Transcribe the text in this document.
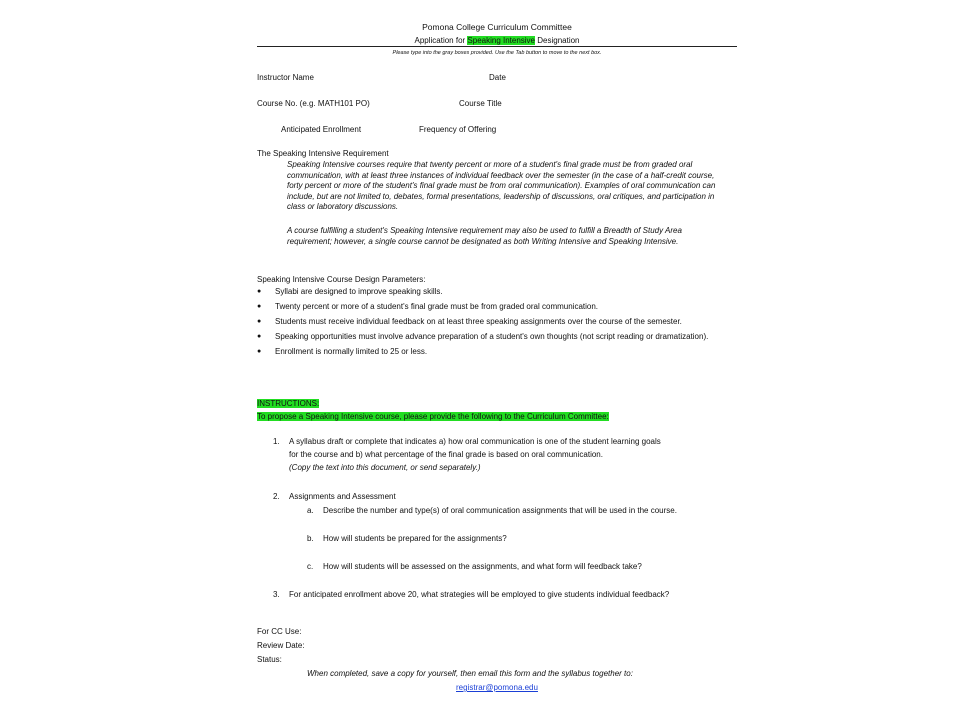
Pomona College Curriculum Committee
Application for Speaking Intensive Designation
Please type into the gray boxes provided. Use the Tab button to move to the next box.
Instructor Name	Date
Course No. (e.g. MATH101 PO)	Course Title
Anticipated Enrollment	Frequency of Offering
The Speaking Intensive Requirement
Speaking Intensive courses require that twenty percent or more of a student's final grade must be from graded oral communication, with at least three instances of individual feedback over the semester (in the case of a half-credit course, forty percent or more of the student's final grade must be from oral communication). Examples of oral communication can include, but are not limited to, debates, formal presentations, leadership of discussions, oral critiques, and participation in class or laboratory discussions.
A course fulfilling a student's Speaking Intensive requirement may also be used to fulfill a Breadth of Study Area requirement; however, a single course cannot be designated as both Writing Intensive and Speaking Intensive.
Speaking Intensive Course Design Parameters:
● Syllabi are designed to improve speaking skills.
● Twenty percent or more of a student's final grade must be from graded oral communication.
● Students must receive individual feedback on at least three speaking assignments over the course of the semester.
● Speaking opportunities must involve advance preparation of a student's own thoughts (not script reading or dramatization).
● Enrollment is normally limited to 25 or less.
INSTRUCTIONS:
To propose a Speaking Intensive course, please provide the following to the Curriculum Committee:
1. A syllabus draft or complete that indicates a) how oral communication is one of the student learning goals
for the course and b) what percentage of the final grade is based on oral communication.
(Copy the text into this document, or send separately.)
2. Assignments and Assessment
a. Describe the number and type(s) of oral communication assignments that will be used in the course.
b. How will students be prepared for the assignments?
c. How will students will be assessed on the assignments, and what form will feedback take?
3. For anticipated enrollment above 20, what strategies will be employed to give students individual feedback?
For CC Use:
Review Date:
Status:
When completed, save a copy for yourself, then email this form and the syllabus together to:
registrar@pomona.edu
